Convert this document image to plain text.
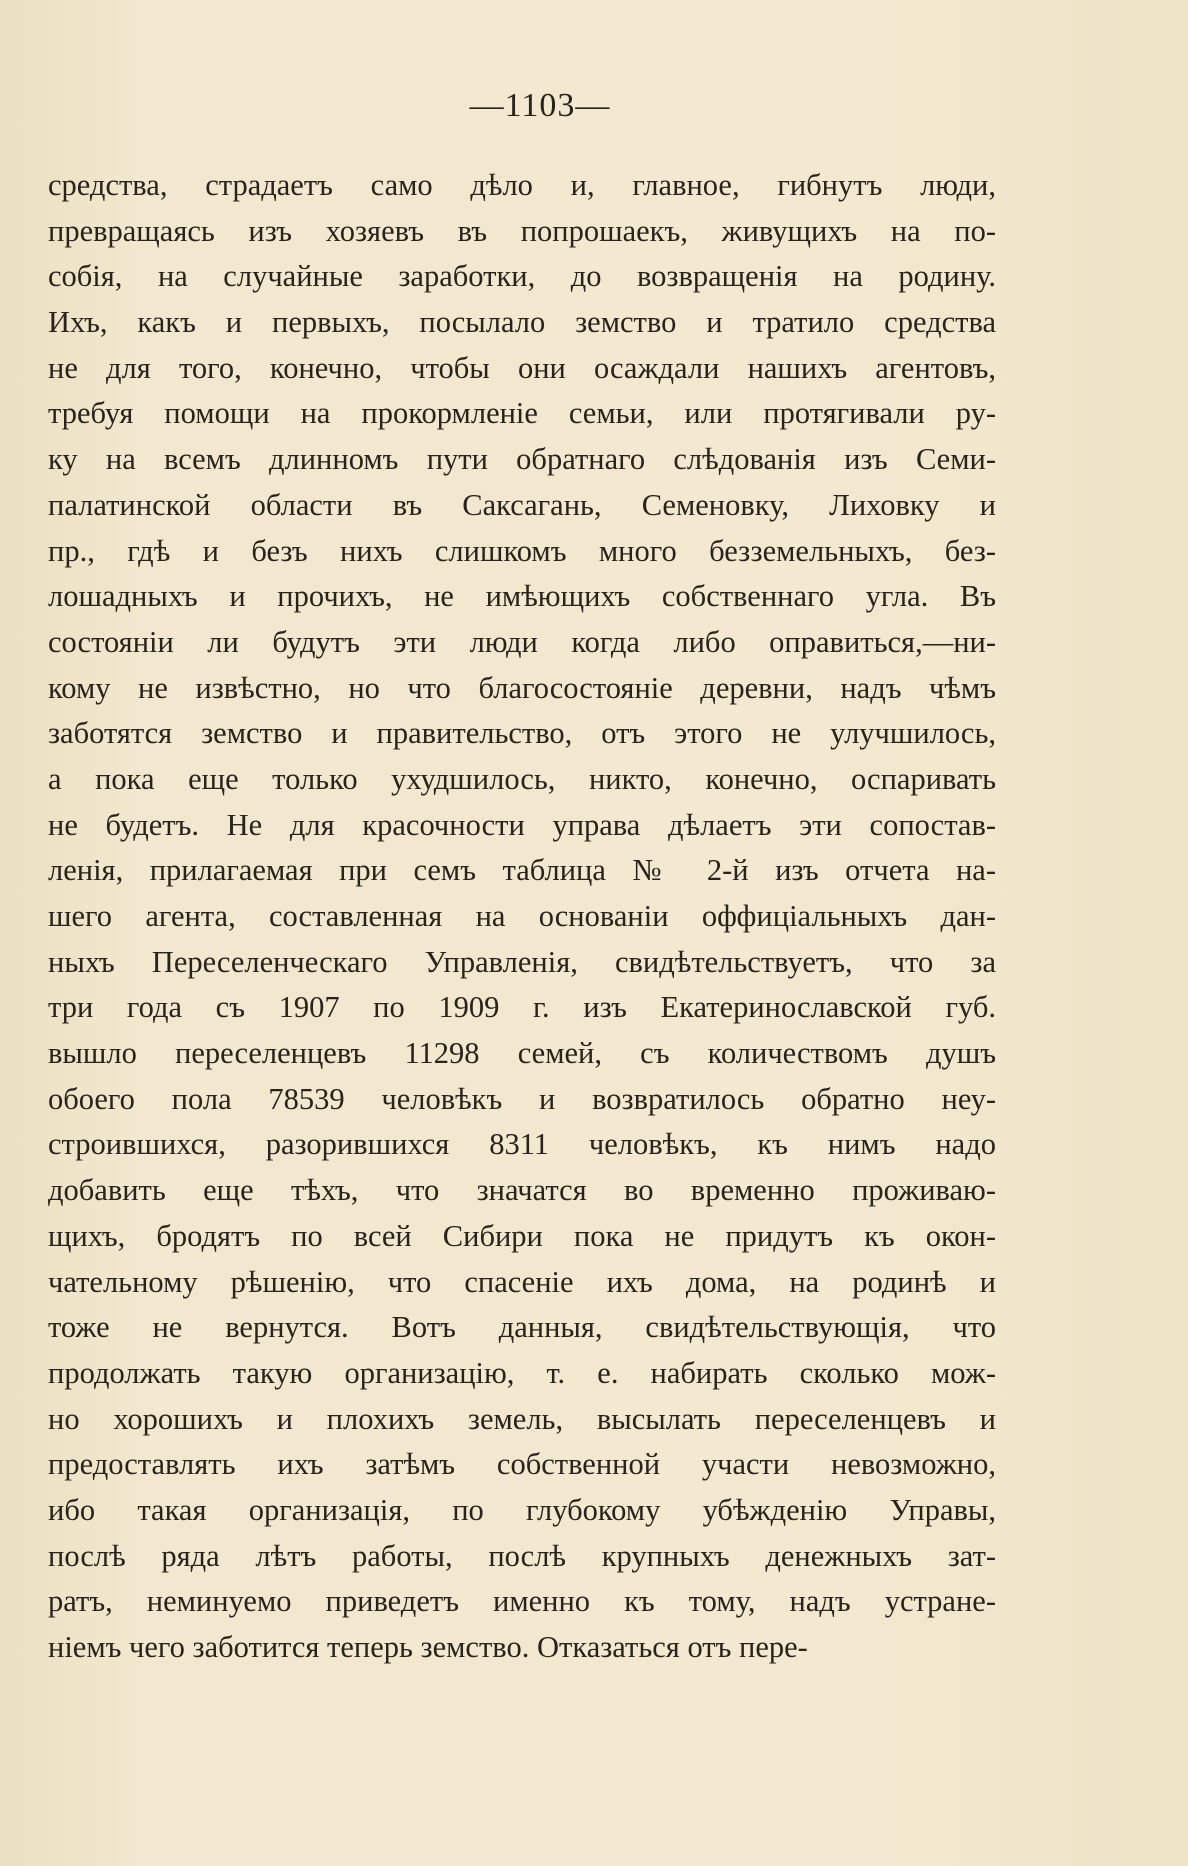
—1103—
средства, страдаетъ само дѣло и, главное, гибнутъ люди,
превращаясь изъ хозяевъ въ попрошаекъ, живущихъ на по-
собія, на случайные заработки, до возвращенія на родину.
Ихъ, какъ и первыхъ, посылало земство и тратило средства
не для того, конечно, чтобы они осаждали нашихъ агентовъ,
требуя помощи на прокормленіе семьи, или протягивали ру-
ку на всемъ длинномъ пути обратнаго слѣдованія изъ Семи-
палатинской области въ Саксагань, Семеновку, Лиховку и
пр., гдѣ и безъ нихъ слишкомъ много безземельныхъ, без-
лошадныхъ и прочихъ, не имѣющихъ собственнаго угла. Въ
состояніи ли будутъ эти люди когда либо оправиться,—ни-
кому не извѣстно, но что благосостояніе деревни, надъ чѣмъ
заботятся земство и правительство, отъ этого не улучшилось,
а пока еще только ухудшилось, никто, конечно, оспаривать
не будетъ. Не для красочности управа дѣлаетъ эти сопостав-
ленія, прилагаемая при семъ таблица № 2-й изъ отчета на-
шего агента, составленная на основаніи оффиціальныхъ дан-
ныхъ Переселенческаго Управленія, свидѣтельствуетъ, что за
три года съ 1907 по 1909 г. изъ Екатеринославской губ.
вышло переселенцевъ 11298 семей, съ количествомъ душъ
обоего пола 78539 человѣкъ и возвратилось обратно неу-
строившихся, разорившихся 8311 человѣкъ, къ нимъ надо
добавить еще тѣхъ, что значатся во временно проживаю-
щихъ, бродятъ по всей Сибири пока не придутъ къ окон-
чательному рѣшенію, что спасеніе ихъ дома, на родинѣ и
тоже не вернутся. Вотъ данныя, свидѣтельствующія, что
продолжать такую организацію, т. е. набирать сколько мож-
но хорошихъ и плохихъ земель, высылать переселенцевъ и
предоставлять ихъ затѣмъ собственной участи невозможно,
ибо такая организація, по глубокому убѣжденію Управы,
послѣ ряда лѣтъ работы, послѣ крупныхъ денежныхъ зат-
ратъ, неминуемо приведетъ именно къ тому, надъ устране-
ніемъ чего заботится теперь земство. Отказаться отъ пере-
